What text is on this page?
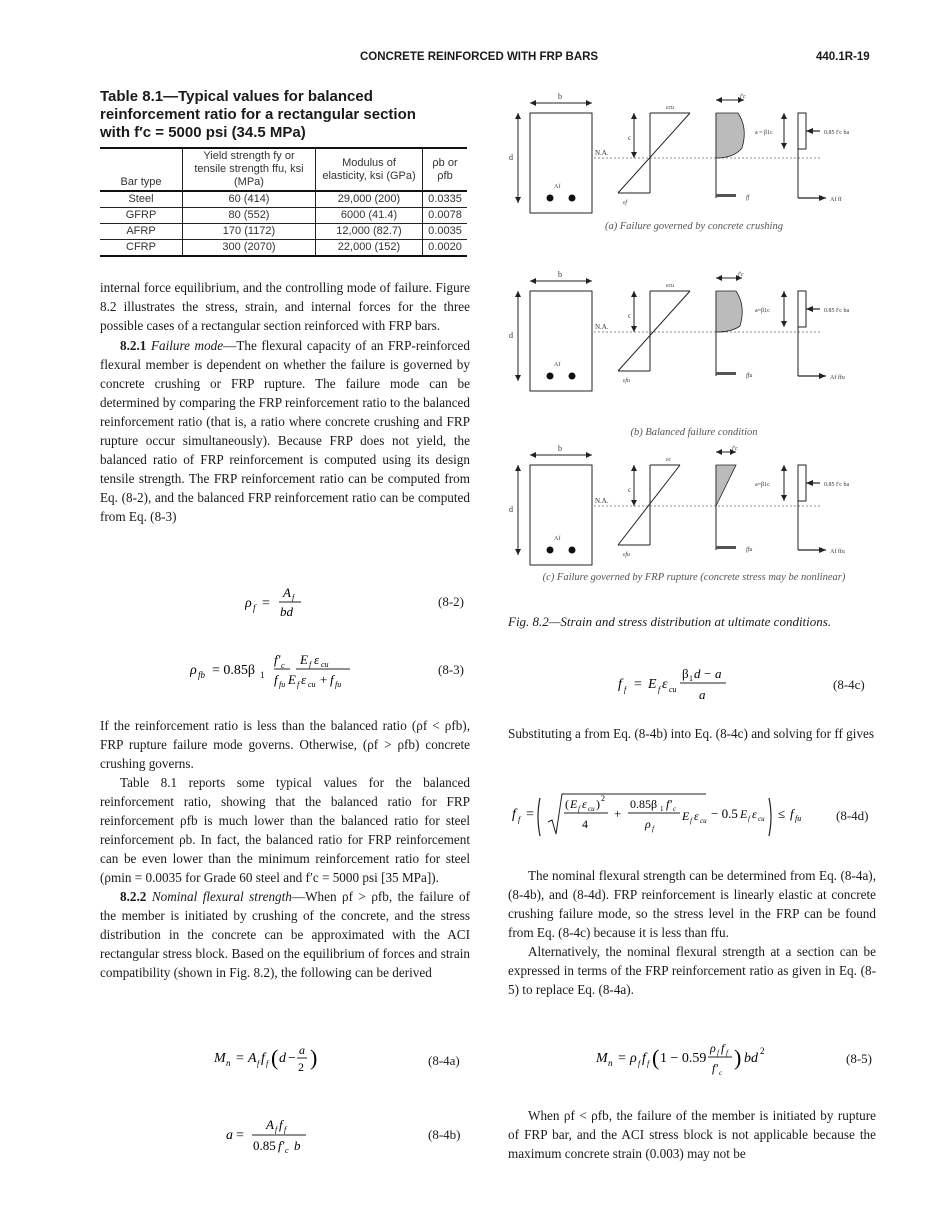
CONCRETE REINFORCED WITH FRP BARS	440.1R-19
Table 8.1—Typical values for balanced reinforcement ratio for a rectangular section with f′c = 5000 psi (34.5 MPa)
Bar type	Yield strength fy or tensile strength ffu, ksi (MPa)	Modulus of elasticity, ksi (GPa)	ρb or ρfb
Steel	60 (414)	29,000 (200)	0.0335
GFRP	80 (552)	6000 (41.4)	0.0078
AFRP	170 (1172)	12,000 (82.7)	0.0035
CFRP	300 (2070)	22,000 (152)	0.0020

internal force equilibrium, and the controlling mode of failure. Figure 8.2 illustrates the stress, strain, and internal forces for the three possible cases of a rectangular section reinforced with FRP bars.

8.2.1 Failure mode—The flexural capacity of an FRP-reinforced flexural member is dependent on whether the failure is governed by concrete crushing or FRP rupture. The failure mode can be determined by comparing the FRP reinforcement ratio to the balanced reinforcement ratio (that is, a ratio where concrete crushing and FRP rupture occur simultaneously). Because FRP does not yield, the balanced ratio of FRP reinforcement is computed using its design tensile strength. The FRP reinforcement ratio can be computed from Eq. (8-2), and the balanced FRP reinforcement ratio can be computed from Eq. (8-3)

ρ f =
A f
bd
(8-2)
ρ fb = 0.85β 1
f′ c E f ε cu
f fu E f ε cu + f fu
(8-3)

If the reinforcement ratio is less than the balanced ratio (ρf < ρfb), FRP rupture failure mode governs. Otherwise, (ρf > ρfb) concrete crushing governs.

Table 8.1 reports some typical values for the balanced reinforcement ratio, showing that the balanced ratio for FRP reinforcement ρfb is much lower than the balanced ratio for steel reinforcement ρb. In fact, the balanced ratio for FRP reinforcement can be even lower than the minimum reinforcement ratio for steel (ρmin = 0.0035 for Grade 60 steel and f′c = 5000 psi [35 MPa]).

8.2.2 Nominal flexural strength—When ρf > ρfb, the failure of the member is initiated by crushing of the concrete, and the stress distribution in the concrete can be approximated with the ACI rectangular stress block. Based on the equilibrium of forces and strain compatibility (shown in Fig. 8.2), the following can be derived

M n = A f f f ( d −
a
2 )	(8-4a)
a =
A f f f
0.85 f′ c b
(8-4b)
b
d
Af
εcu
εf
c
N.A.
ff
f′c
a = β1c	0.85 f′c ba
Af ff
b
d
Af
εcu
εfu
c
N.A.
ffu
f′c
a=β1c	0.85 f′c ba
Af ffu
b
d
Af
εc
εfu
c
N.A.
ffu
f′c
a=β1c	0.85 f′c ba
Af ffu
(a) Failure governed by concrete crushing
(b) Balanced failure condition
(c) Failure governed by FRP rupture (concrete stress may be nonlinear)
Fig. 8.2—Strain and stress distribution at ultimate conditions.
f f = E f ε cu
β 1 d − a
a
(8-4c)

Substituting a from Eq. (8-4b) into Eq. (8-4c) and solving for ff gives

f f =
( E f ε cu ) 2
4
+
0.85β 1 f′ c
ρ f
E f ε cu − 0.5 E f ε cu ≤ f fu	(8-4d)

The nominal flexural strength can be determined from Eq. (8-4a), (8-4b), and (8-4d). FRP reinforcement is linearly elastic at concrete crushing failure mode, so the stress level in the FRP can be found from Eq. (8-4c) because it is less than ffu.

Alternatively, the nominal flexural strength at a section can be expressed in terms of the FRP reinforcement ratio as given in Eq. (8-5) to replace Eq. (8-4a).

M n = ρ f f f ( 1 − 0.59
ρ f f f
f′ c
) bd 2	(8-5)

When ρf < ρfb, the failure of the member is initiated by rupture of FRP bar, and the ACI stress block is not applicable because the maximum concrete strain (0.003) may not be
